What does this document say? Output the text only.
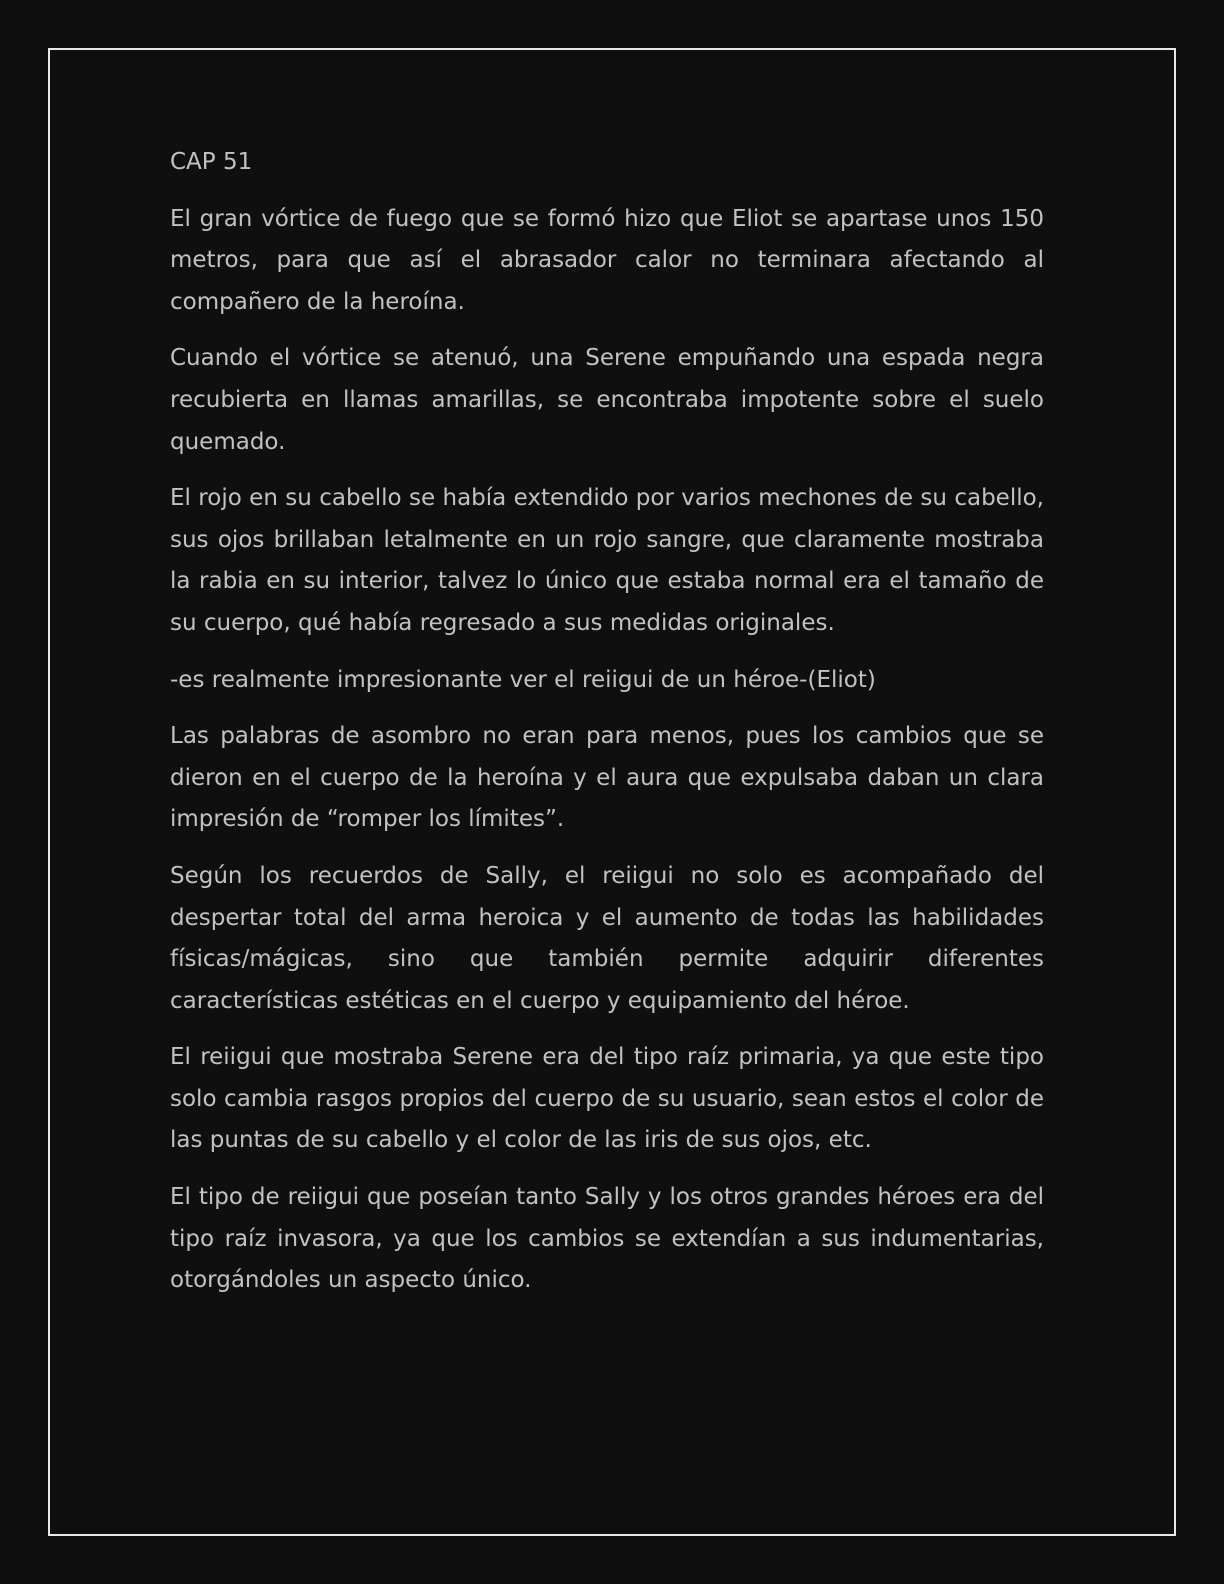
CAP 51

El gran vórtice de fuego que se formó hizo que Eliot se apartase unos 150 metros, para que así el abrasador calor no terminara afectando al compañero de la heroína.

Cuando el vórtice se atenuó, una Serene empuñando una espada negra recubierta en llamas amarillas, se encontraba impotente sobre el suelo quemado.

El rojo en su cabello se había extendido por varios mechones de su cabello, sus ojos brillaban letalmente en un rojo sangre, que claramente mostraba la rabia en su interior, talvez lo único que estaba normal era el tamaño de su cuerpo, qué había regresado a sus medidas originales.

-es realmente impresionante ver el reiigui de un héroe-(Eliot)

Las palabras de asombro no eran para menos, pues los cambios que se dieron en el cuerpo de la heroína y el aura que expulsaba daban un clara impresión de “romper los límites”.

Según los recuerdos de Sally, el reiigui no solo es acompañado del despertar total del arma heroica y el aumento de todas las habilidades físicas/mágicas, sino que también permite adquirir diferentes características estéticas en el cuerpo y equipamiento del héroe.

El reiigui que mostraba Serene era del tipo raíz primaria, ya que este tipo solo cambia rasgos propios del cuerpo de su usuario, sean estos el color de las puntas de su cabello y el color de las iris de sus ojos, etc.

El tipo de reiigui que poseían tanto Sally y los otros grandes héroes era del tipo raíz invasora, ya que los cambios se extendían a sus indumentarias, otorgándoles un aspecto único.
